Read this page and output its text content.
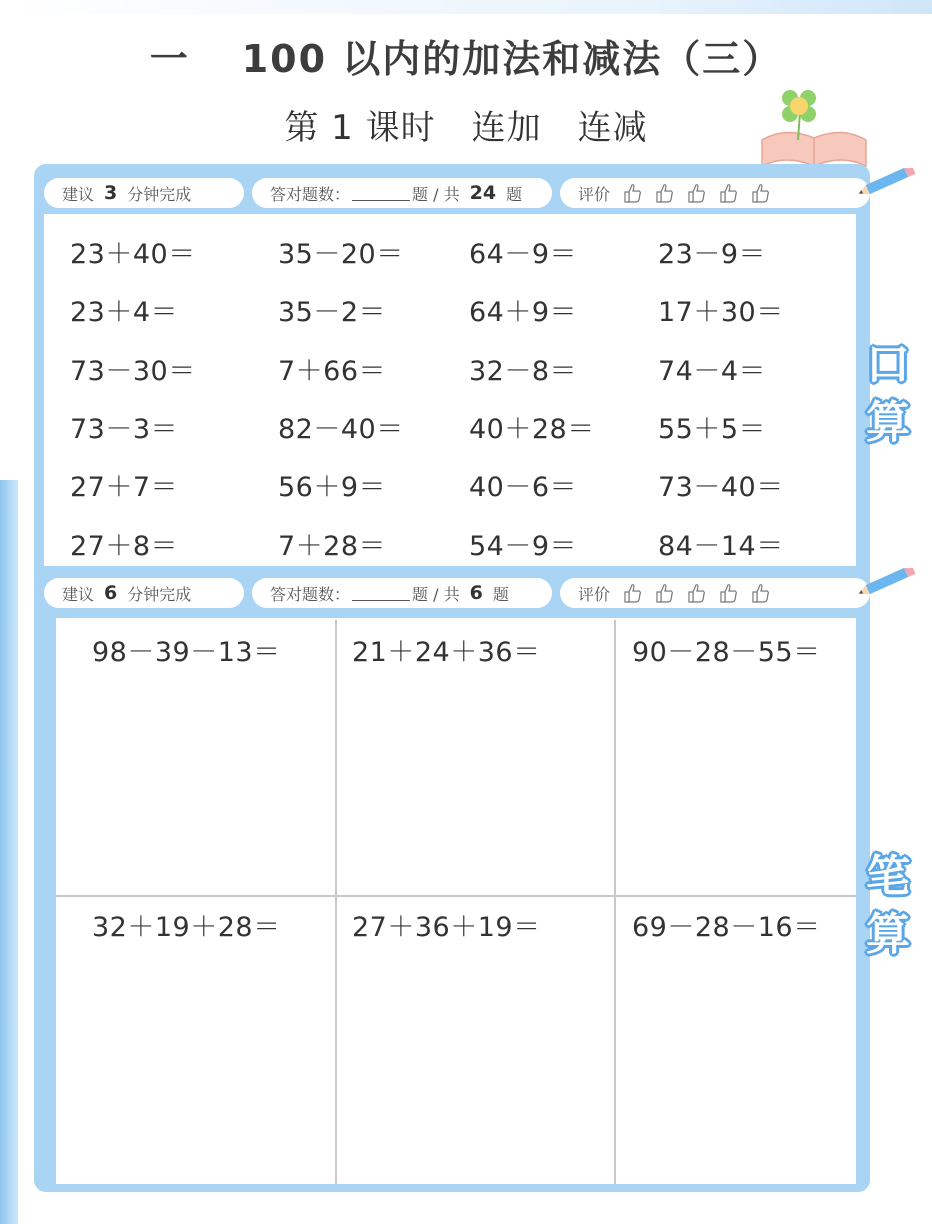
一 100 以内的加法和减法（三）
第 1 课时 连加 连减
建议 3 分钟完成	答对题数：	题 / 共 24 题	评价
23＋40＝	35－20＝ 64－9＝	23－9＝
23＋4＝	35－2＝	64＋9＝	17＋30＝
73－30＝	7＋66＝	32－8＝	74－4＝
73－3＝	82－40＝ 40＋28＝ 55＋5＝
27＋7＝	56＋9＝	40－6＝	73－40＝
27＋8＝	7＋28＝	54－9＝	84－14＝
建议 6 分钟完成	答对题数：	题 / 共 6 题	评价
98－39－13＝	21＋24＋36＝	90－28－55＝
32＋19＋28＝	27＋36＋19＝	69－28－16＝
口
算
笔
算
